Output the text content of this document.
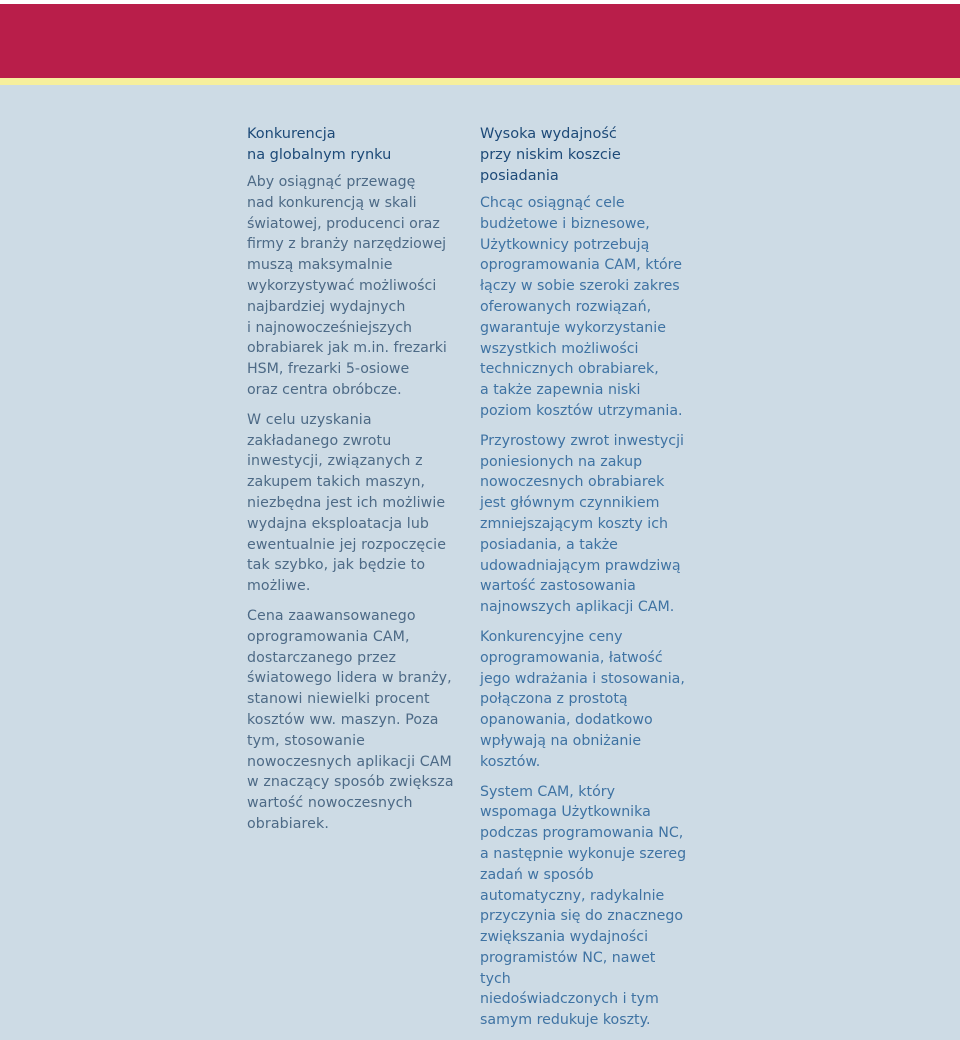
Konkurencja
na globalnym rynku

Aby osiągnąć przewagę
nad konkurencją w skali
światowej, producenci oraz
firmy z branży narzędziowej
muszą maksymalnie
wykorzystywać możliwości
najbardziej wydajnych
i najnowocześniejszych
obrabiarek jak m.in. frezarki
HSM, frezarki 5-osiowe
oraz centra obróbcze.

W celu uzyskania
zakładanego zwrotu
inwestycji, związanych z
zakupem takich maszyn,
niezbędna jest ich możliwie
wydajna eksploatacja lub
ewentualnie jej rozpoczęcie
tak szybko, jak będzie to
możliwe.

Cena zaawansowanego
oprogramowania CAM,
dostarczanego przez
światowego lidera w branży,
stanowi niewielki procent
kosztów ww. maszyn. Poza
tym, stosowanie
nowoczesnych aplikacji CAM
w znaczący sposób zwiększa
wartość nowoczesnych
obrabiarek.

Wysoka wydajność
przy niskim koszcie
posiadania

Chcąc osiągnąć cele
budżetowe i biznesowe,
Użytkownicy potrzebują
oprogramowania CAM, które
łączy w sobie szeroki zakres
oferowanych rozwiązań,
gwarantuje wykorzystanie
wszystkich możliwości
technicznych obrabiarek,
a także zapewnia niski
poziom kosztów utrzymania.

Przyrostowy zwrot inwestycji
poniesionych na zakup
nowoczesnych obrabiarek
jest głównym czynnikiem
zmniejszającym koszty ich
posiadania, a także
udowadniającym prawdziwą
wartość zastosowania
najnowszych aplikacji CAM.

Konkurencyjne ceny
oprogramowania, łatwość
jego wdrażania i stosowania,
połączona z prostotą
opanowania, dodatkowo
wpływają na obniżanie
kosztów.

System CAM, który
wspomaga Użytkownika
podczas programowania NC,
a następnie wykonuje szereg
zadań w sposób
automatyczny, radykalnie
przyczynia się do znacznego
zwiększania wydajności
programistów NC, nawet tych
niedoświadczonych i tym
samym redukuje koszty.
